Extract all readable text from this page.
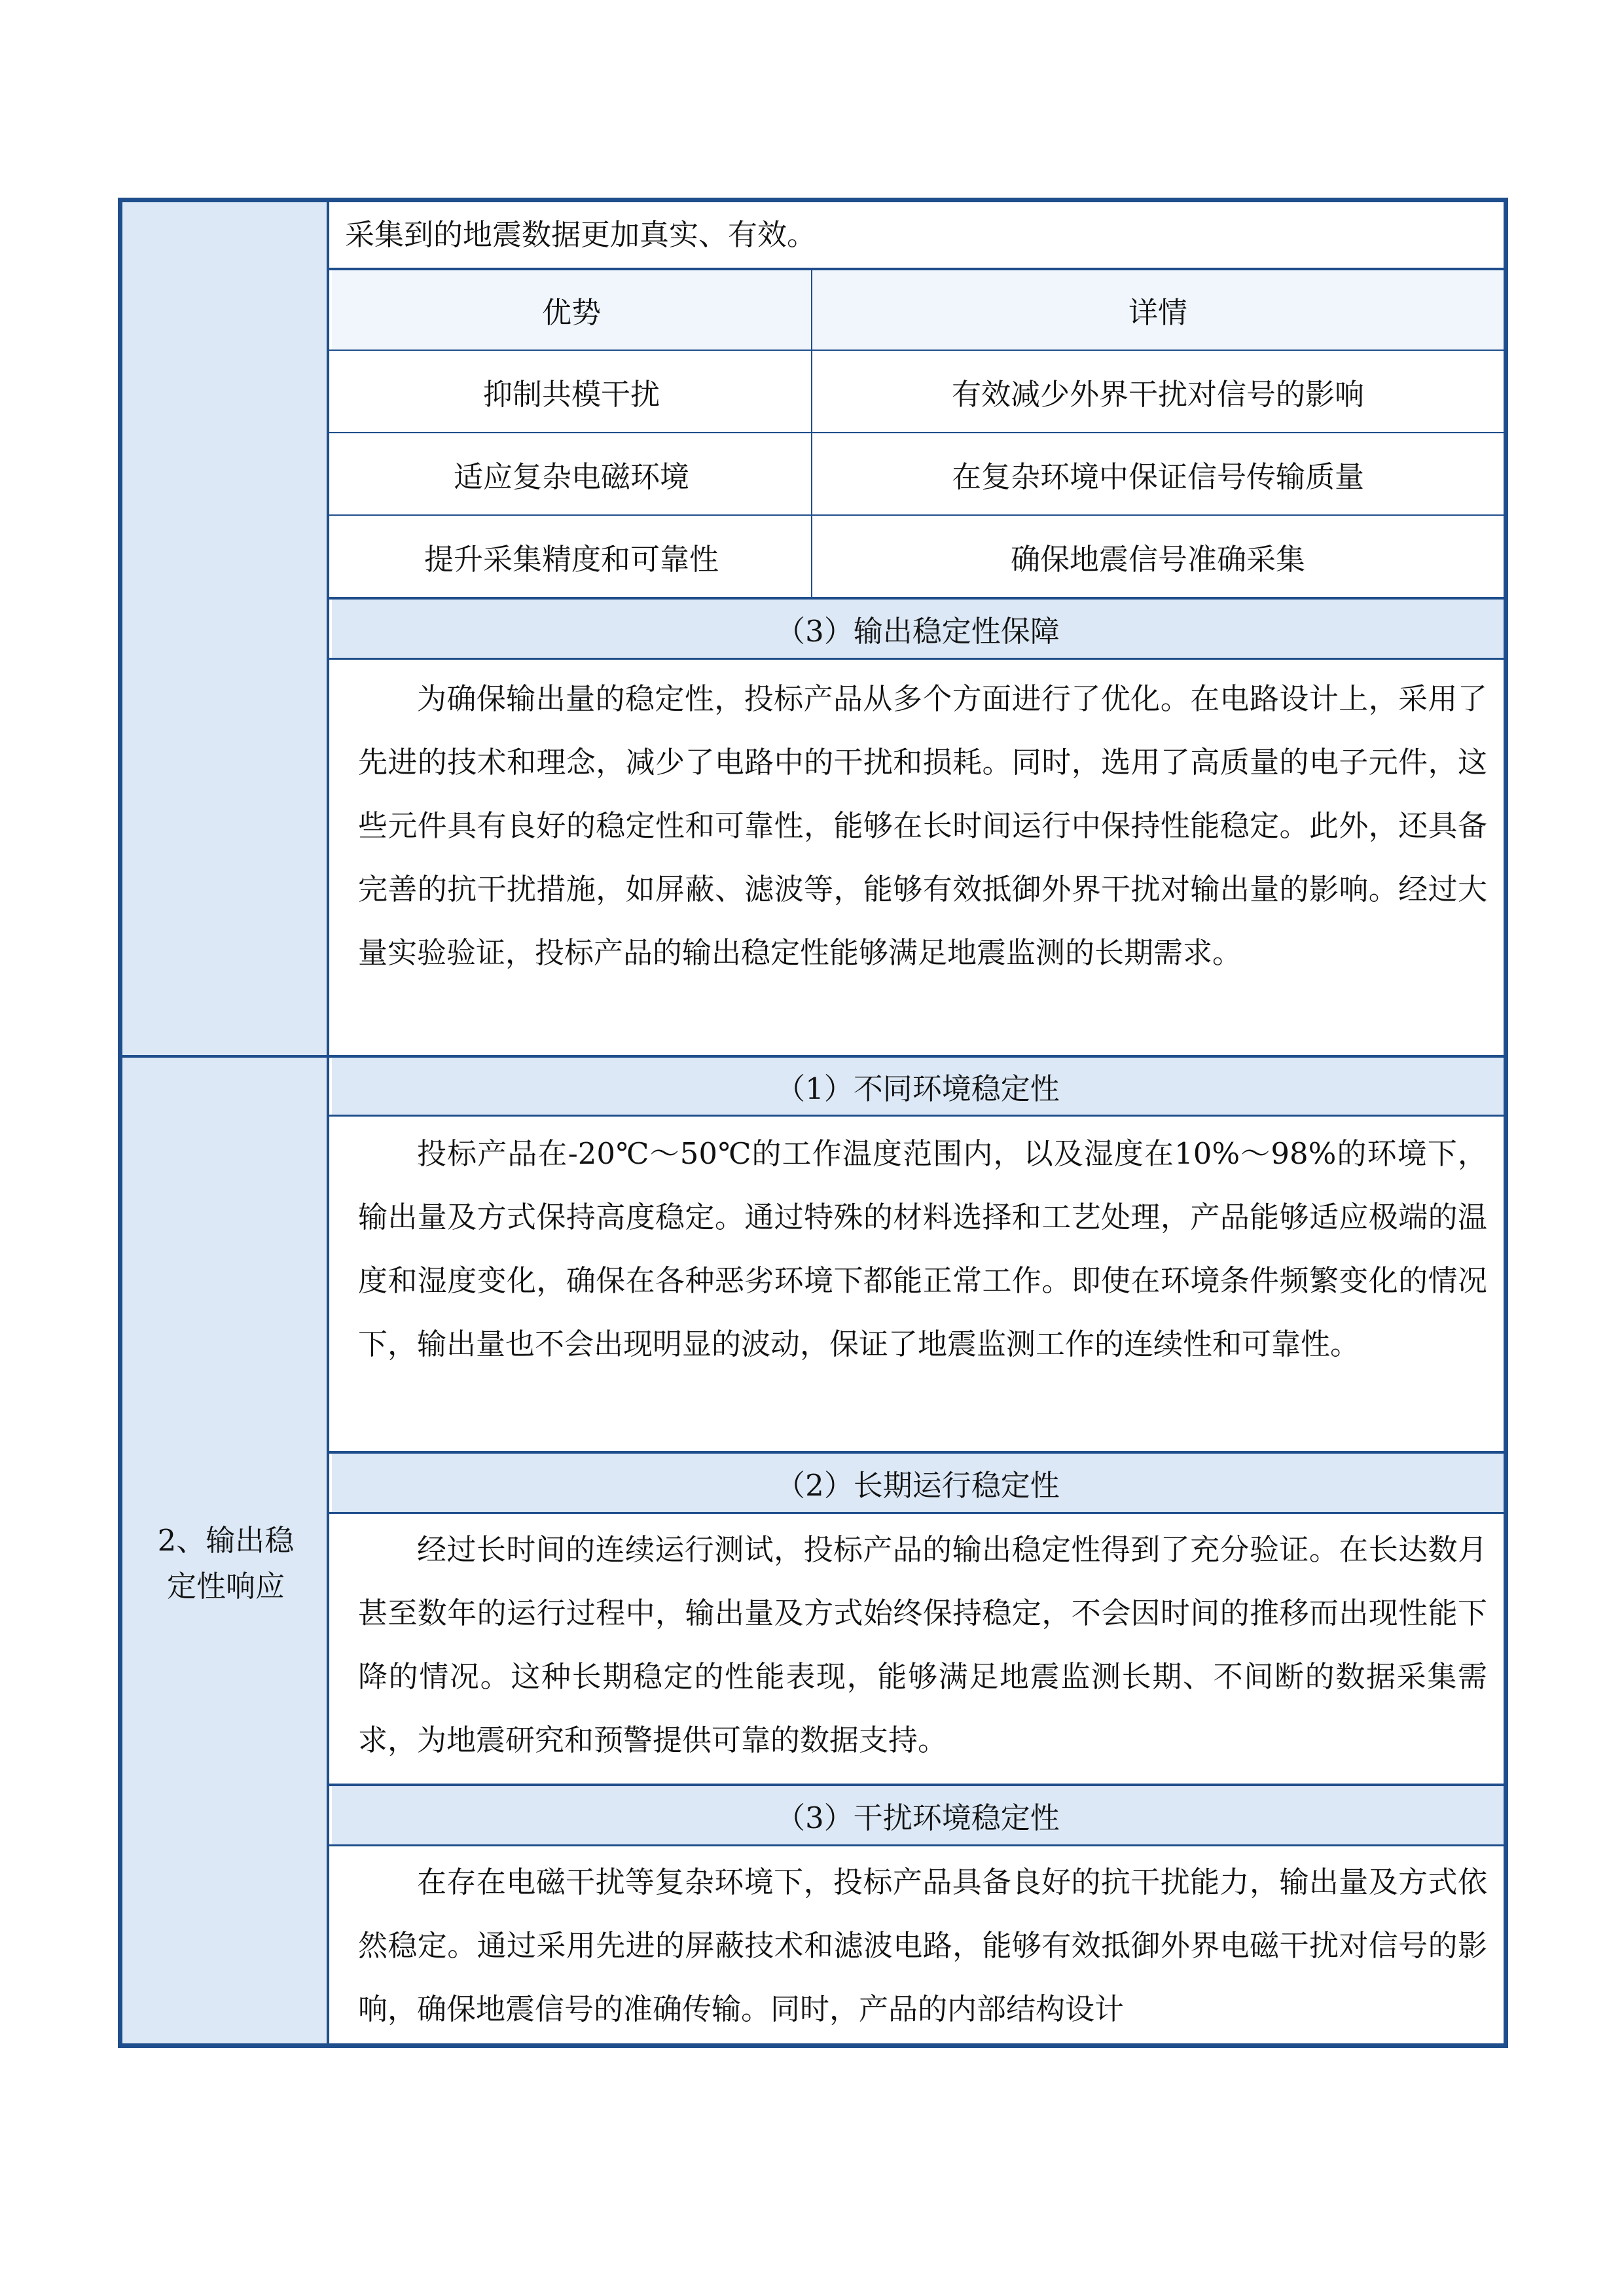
2、输出稳
定性响应
采集到的地震数据更加真实、有效。
优势	详情
抑制共模干扰	有效减少外界干扰对信号的影响
适应复杂电磁环境	在复杂环境中保证信号传输质量
提升采集精度和可靠性	确保地震信号准确采集
（3）输出稳定性保障
为确保输出量的稳定性，投标产品从多个方面进行了优化。在电路设计上，采用了先进的技术和理念，减少了电路中的干扰和损耗。同时，选用了高质量的电子元件，这些元件具有良好的稳定性和可靠性，能够在长时间运行中保持性能稳定。此外，还具备完善的抗干扰措施，如屏蔽、滤波等，能够有效抵御外界干扰对输出量的影响。经过大量实验验证，投标产品的输出稳定性能够满足地震监测的长期需求。
（1）不同环境稳定性
投标产品在-20℃～50℃的工作温度范围内，以及湿度在10%～98%的环境下，输出量及方式保持高度稳定。通过特殊的材料选择和工艺处理，产品能够适应极端的温度和湿度变化，确保在各种恶劣环境下都能正常工作。即使在环境条件频繁变化的情况下，输出量也不会出现明显的波动，保证了地震监测工作的连续性和可靠性。
（2）长期运行稳定性
经过长时间的连续运行测试，投标产品的输出稳定性得到了充分验证。在长达数月甚至数年的运行过程中，输出量及方式始终保持稳定，不会因时间的推移而出现性能下降的情况。这种长期稳定的性能表现，能够满足地震监测长期、不间断的数据采集需求，为地震研究和预警提供可靠的数据支持。
（3）干扰环境稳定性
在存在电磁干扰等复杂环境下，投标产品具备良好的抗干扰能力，输出量及方式依然稳定。通过采用先进的屏蔽技术和滤波电路，能够有效抵御外界电磁干扰对信号的影响，确保地震信号的准确传输。同时，产品的内部结构设计
